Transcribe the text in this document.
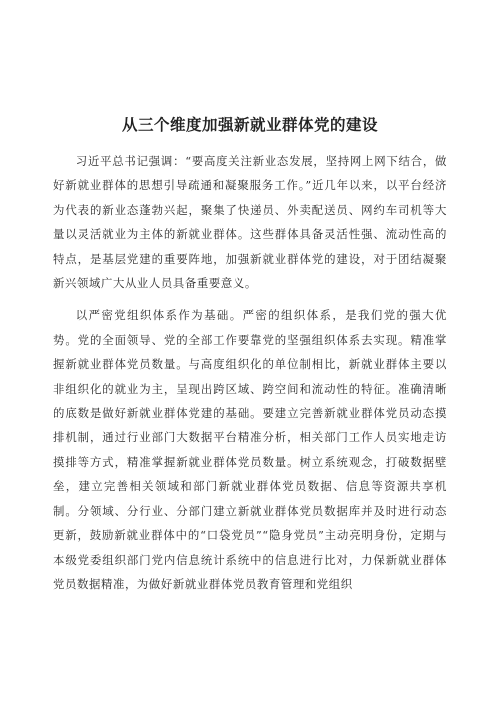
从三个维度加强新就业群体党的建设

习近平总书记强调：“要高度关注新业态发展，坚持网上网下结合，做好新就业群体的思想引导疏通和凝聚服务工作。”近几年以来，以平台经济为代表的新业态蓬勃兴起，聚集了快递员、外卖配送员、网约车司机等大量以灵活就业为主体的新就业群体。这些群体具备灵活性强、流动性高的特点，是基层党建的重要阵地，加强新就业群体党的建设，对于团结凝聚新兴领域广大从业人员具备重要意义。

以严密党组织体系作为基础。严密的组织体系，是我们党的强大优势。党的全面领导、党的全部工作要靠党的坚强组织体系去实现。精准掌握新就业群体党员数量。与高度组织化的单位制相比，新就业群体主要以非组织化的就业为主，呈现出跨区域、跨空间和流动性的特征。准确清晰的底数是做好新就业群体党建的基础。要建立完善新就业群体党员动态摸排机制，通过行业部门大数据平台精准分析，相关部门工作人员实地走访摸排等方式，精准掌握新就业群体党员数量。树立系统观念，打破数据壁垒，建立完善相关领域和部门新就业群体党员数据、信息等资源共享机制。分领域、分行业、分部门建立新就业群体党员数据库并及时进行动态更新，鼓励新就业群体中的“口袋党员”“隐身党员”主动亮明身份，定期与本级党委组织部门党内信息统计系统中的信息进行比对，力保新就业群体党员数据精准，为做好新就业群体党员教育管理和党组织
